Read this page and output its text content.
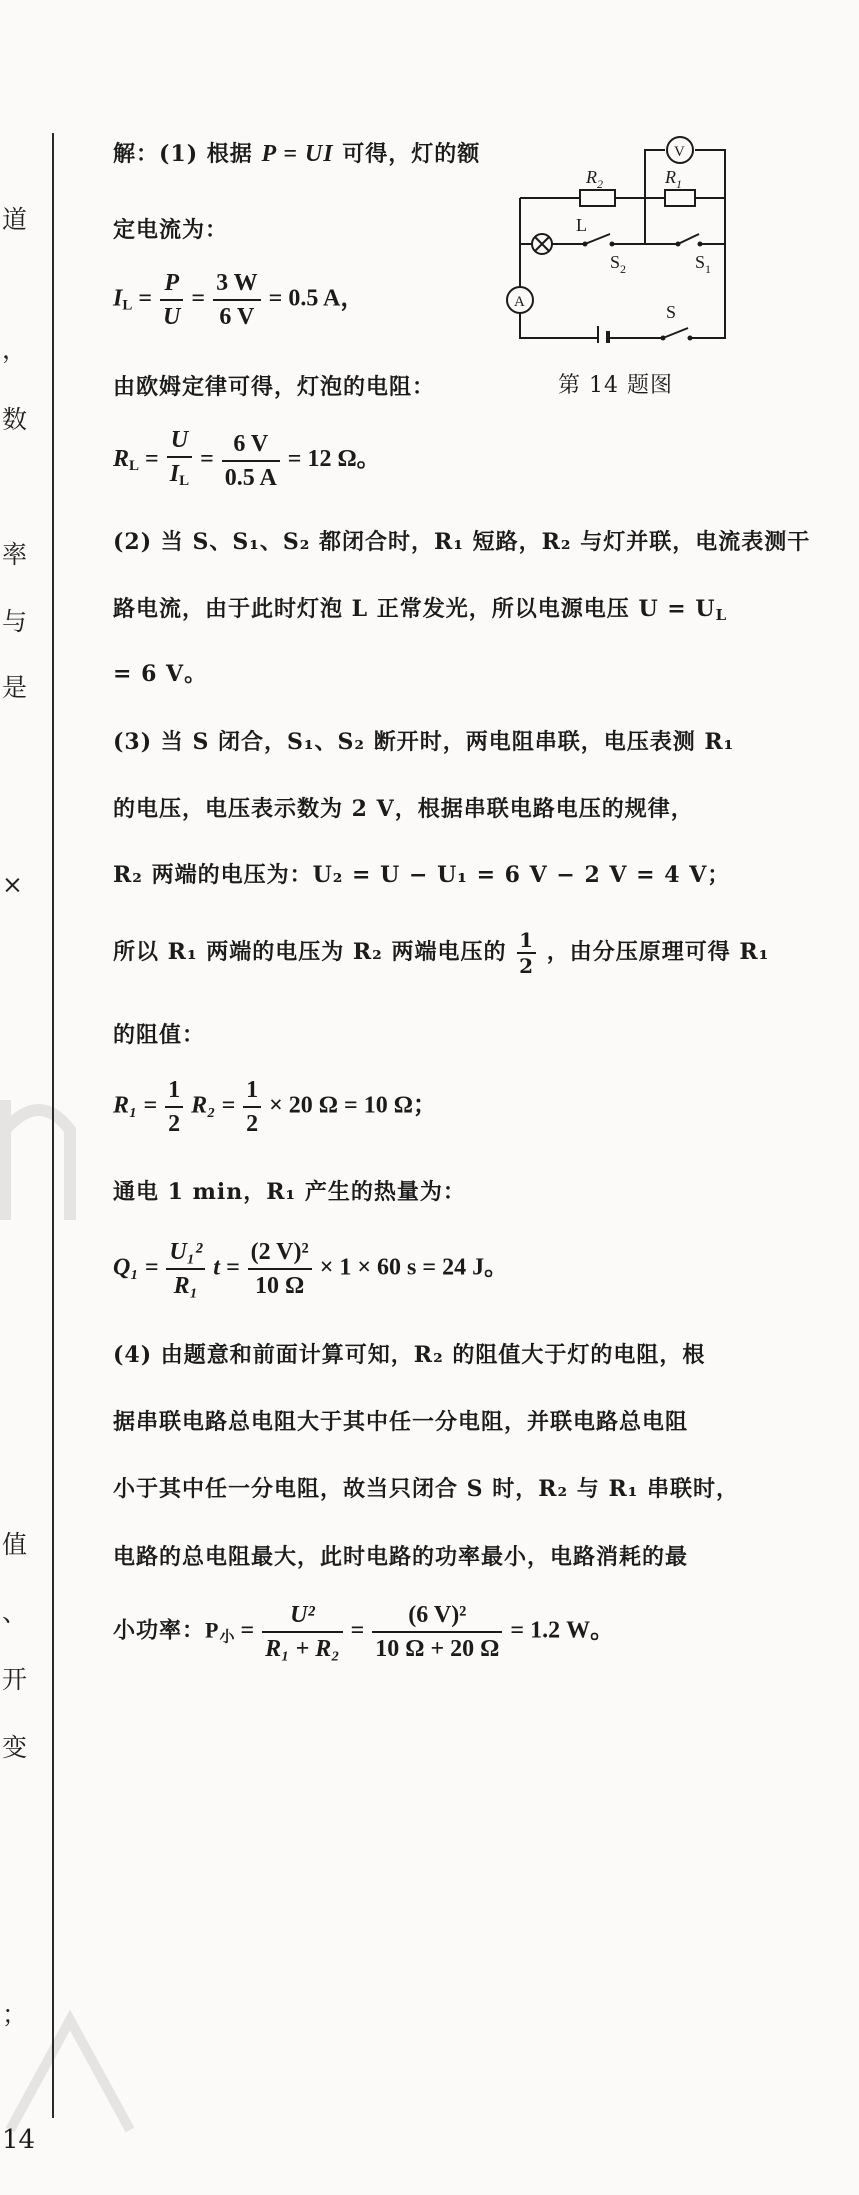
道
，
数
率
与
是
×
值
、
开
变
；
$R_2$	$R_1$
V
A
L
$S_2$	$S_1$
S
第 14 题图
解：(1) 根据 P = UI 可得，灯的额
定电流为：
$I_L = \frac{P}{U} = \frac{3 W}{6 V} = 0.5$ A，
由欧姆定律可得，灯泡的电阻：
$R_L = \frac{U}{I_L} = \frac{6 V}{0.5 A} = 12$ Ω。
(2) 当 S、S₁、S₂ 都闭合时，R₁ 短路，R₂ 与灯并联，电流表测干
路电流，由于此时灯泡 L 正常发光，所以电源电压 $U = U_L$
= 6 V。
(3) 当 S 闭合，S₁、S₂ 断开时，两电阻串联，电压表测 R₁
的电压，电压表示数为 2 V，根据串联电路电压的规律，
R₂ 两端的电压为：U₂ = U − U₁ = 6 V − 2 V = 4 V；
所以 R₁ 两端的电压为 R₂ 两端电压的 $\frac{1}{2}$ ，由分压原理可得 R₁
的阻值：
$R_1 = \frac{1}{2} R_2 = \frac{1}{2} \times 20$ Ω = 10 Ω；
通电 1 min，R₁ 产生的热量为：
$Q_1 = \frac{\text{U₁²}}{\text{R₁}}$ $t = \frac{\text{(2 V)²}}{10 \Omega} \times 1 \times 60$ s = 24 J。
(4) 由题意和前面计算可知，R₂ 的阻值大于灯的电阻，根
据串联电路总电阻大于其中任一分电阻，并联电路总电阻
小于其中任一分电阻，故当只闭合 S 时，R₂ 与 R₁ 串联时，
电路的总电阻最大，此时电路的功率最小，电路消耗的最
小功率：$P_小 = \frac{\text{U²}}{\text{R₁ + R₂}} = \frac{\text{(6 V)²}}{10 \Omega + 20 \Omega} = 1.2$ W。
14
